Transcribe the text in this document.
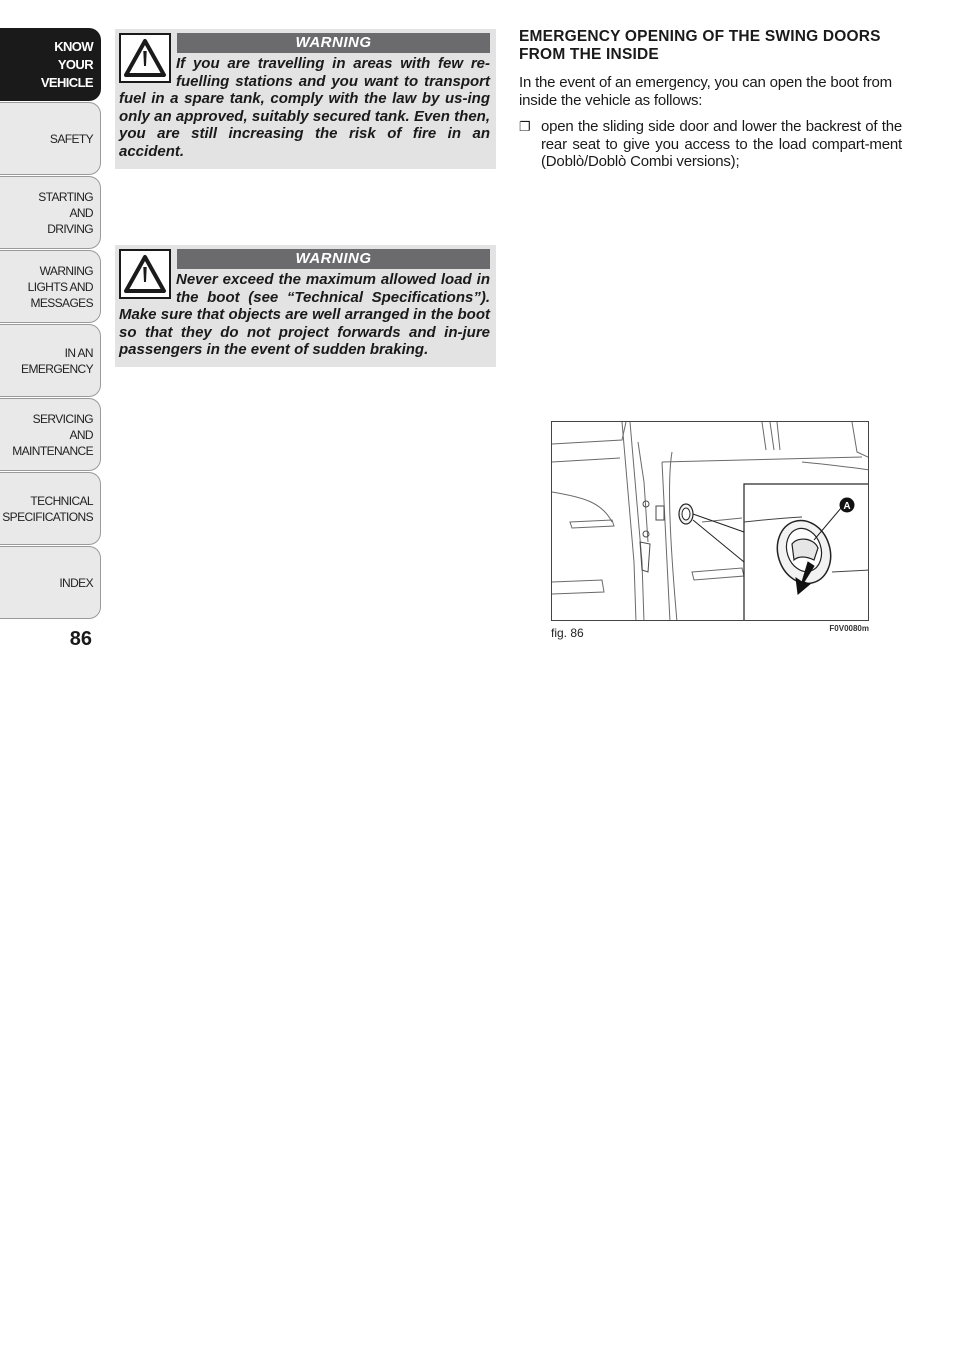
KNOW
YOUR
VEHICLE
SAFETY
STARTING
AND
DRIVING
WARNING
LIGHTS AND
MESSAGES
IN AN
EMERGENCY
SERVICING
AND
MAINTENANCE
TECHNICAL
SPECIFICATIONS
INDEX
86
WARNING
If you are travelling in areas with few re-fuelling stations and you want to transport fuel in a spare tank, comply with the law by us-ing only an approved, suitably secured tank. Even then, you are still increasing the risk of fire in an accident.
WARNING
Never exceed the maximum allowed load in the boot (see “Technical Specifications”). Make sure that objects are well arranged in the boot so that they do not project forwards and in-jure passengers in the event of sudden braking.
EMERGENCY OPENING OF THE SWING DOORS FROM THE INSIDE

In the event of an emergency, you can open the boot from inside the vehicle as follows:

❐ open the sliding side door and lower the backrest of the rear seat to give you access to the load compart-ment (Doblò/Doblò Combi versions);
A
fig. 86	F0V0080m
